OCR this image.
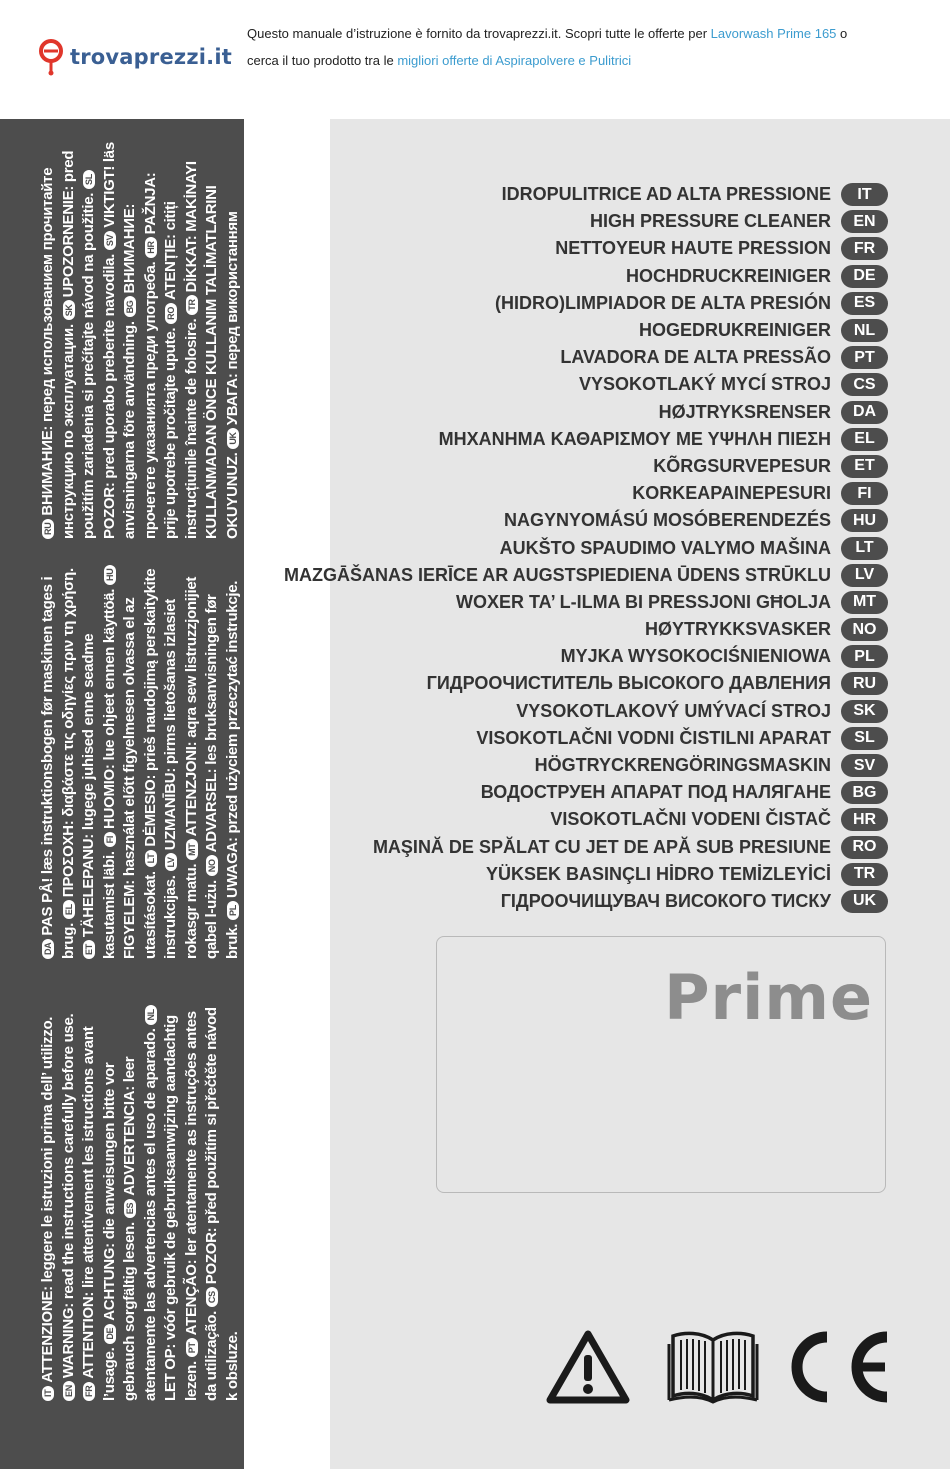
trovaprezzi.it
Questo manuale d’istruzione è fornito da trovaprezzi.it. Scopri tutte le offerte per Lavorwash Prime 165 o
cerca il tuo prodotto tra le migliori offerte di Aspirapolvere e Pulitrici
ITATTENZIONE: leggere le istruzioni prima dell’ utilizzo. ENWARNING: read the instructions carefully before use. FRATTENTION: lire attentivement les istructions avant l’usage. DEACHTUNG: die anweisungen bitte vor gebrauch sorgfältig lesen. ESADVERTENCIA: leer atentamente las advertencias antes el uso de aparado. NLLET OP: vóór gebruik de gebruiksaanwijzing aandachtig lezen. PTATENÇÃO: ler atentamente as instruções antes da utilização. CSPOZOR: před použitím si přečtěte návod k obsluze.
DAPAS PÅ! læs instruktionsbogen før maskinen tages i brug. ELΠΡΟΣΟΧΗ: διαβάστε τις οδηγίες πριν τη χρήση. ETTÄHELEPANU: lugege juhised enne seadme kasutamist läbi. FIHUOMIO: lue ohjeet ennen käyttöä. HUFIGYELEM: használat előtt figyelmesen olvassa el az utasításokat. LTDĖMESIO: prieš naudojimą perskaitykite instrukcijas. LVUZMANĪBU: pirms lietošanas izlasiet rokasgr matu. MTATTENZJONI: aqra sew listruzzjonijiet qabel l-użu. NOADVARSEL: les bruksanvisningen før bruk. PLUWAGA: przed użyciem przeczytać instrukcje.
RUВНИМАНИЕ: перед использованием прочитайте инструкцию по эксплуатации. SKUPOZORNENIE: pred použitím zariadenia si prečítajte návod na použitie. SLPOZOR: pred uporabo preberite navodila. SVVIKTIGT! läs anvisningarna före användning. BGВНИМАНИЕ: прочетете указанията преди употреба. HRPAŽNJA: prije upotrebe pročitajte upute. ROATENȚIE: citiți instrucțiunile înainte de folosire. TRDİKKAT: MAKİNAYI KULLANMADAN ÖNCE KULLANIM TALİMATLARINI OKUYUNUZ. UKУВАГА: перед використанням прочитайте інструкцію з експлуатації.
IDROPULITRICE AD ALTA PRESSIONE	IT
HIGH PRESSURE CLEANER	EN
NETTOYEUR HAUTE PRESSION	FR
HOCHDRUCKREINIGER	DE
(HIDRO)LIMPIADOR DE ALTA PRESIÓN	ES
HOGEDRUKREINIGER	NL
LAVADORA DE ALTA PRESSÃO	PT
VYSOKOTLAKÝ MYCÍ STROJ	CS
HØJTRYKSRENSER	DA
ΜΗΧΑΝΗΜΑ ΚΑΘΑΡΙΣΜΟΥ ΜΕ ΥΨΗΛΗ ΠΙΕΣΗ	EL
KÕRGSURVEPESUR	ET
KORKEAPAINEPESURI	FI
NAGYNYOMÁSÚ MOSÓBERENDEZÉS	HU
AUKŠTO SPAUDIMO VALYMO MAŠINA	LT
MAZGĀŠANAS IERĪCE AR AUGSTSPIEDIENA ŪDENS STRŪKLU	LV
WOXER TA’ L-ILMA BI PRESSJONI GĦOLJA	MT
HØYTRYKKSVASKER	NO
MYJKA WYSOKOCIŚNIENIOWA	PL
ГИДРООЧИСТИТЕЛЬ ВЫСОКОГО ДАВЛЕНИЯ	RU
VYSOKOTLAKOVÝ UMÝVACÍ STROJ	SK
VISOKOTLAČNI VODNI ČISTILNI APARAT	SL
HÖGTRYCKRENGÖRINGSMASKIN	SV
ВОДОСТРУЕН АПАРАТ ПОД НАЛЯГАНЕ	BG
VISOKOTLAČNI VODENI ČISTAČ	HR
MAŞINĂ DE SPĂLAT CU JET DE APĂ SUB PRESIUNE	RO
YÜKSEK BASINÇLI HİDRO TEMİZLEYİCİ	TR
ГІДРООЧИЩУВАЧ ВИСОКОГО ТИСКУ	UK
Prime
